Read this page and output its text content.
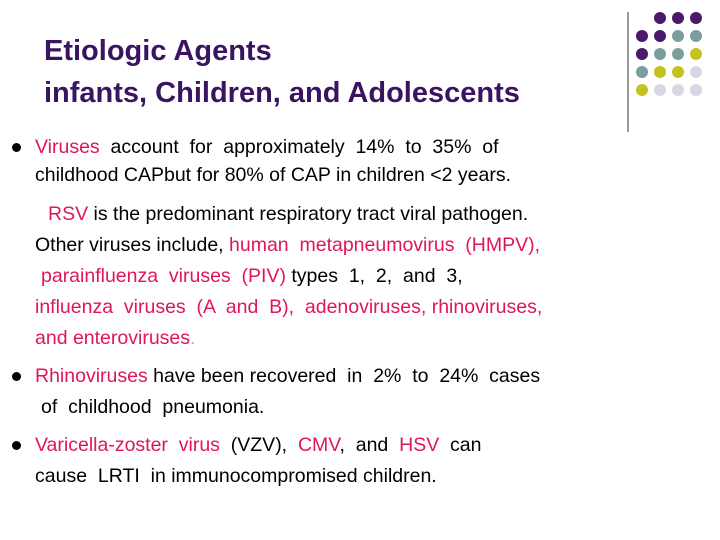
Etiologic Agents
infants, Children, and Adolescents
Viruses  account  for  approximately  14%  to  35%  of
childhood CAPbut for 80% of CAP in children <2 years.
RSV is the predominant respiratory tract viral pathogen.
Other viruses include, human  metapneumovirus  (HMPV),
parainfluenza  viruses  (PIV) types  1,  2,  and  3,
influenza  viruses  (A  and  B),  adenoviruses, rhinoviruses,
and enteroviruses.
Rhinoviruses have been recovered  in  2%  to  24%  cases
of  childhood  pneumonia.
Varicella-zoster  virus  (VZV),  CMV,  and  HSV  can
cause  LRTI  in immunocompromised children.
